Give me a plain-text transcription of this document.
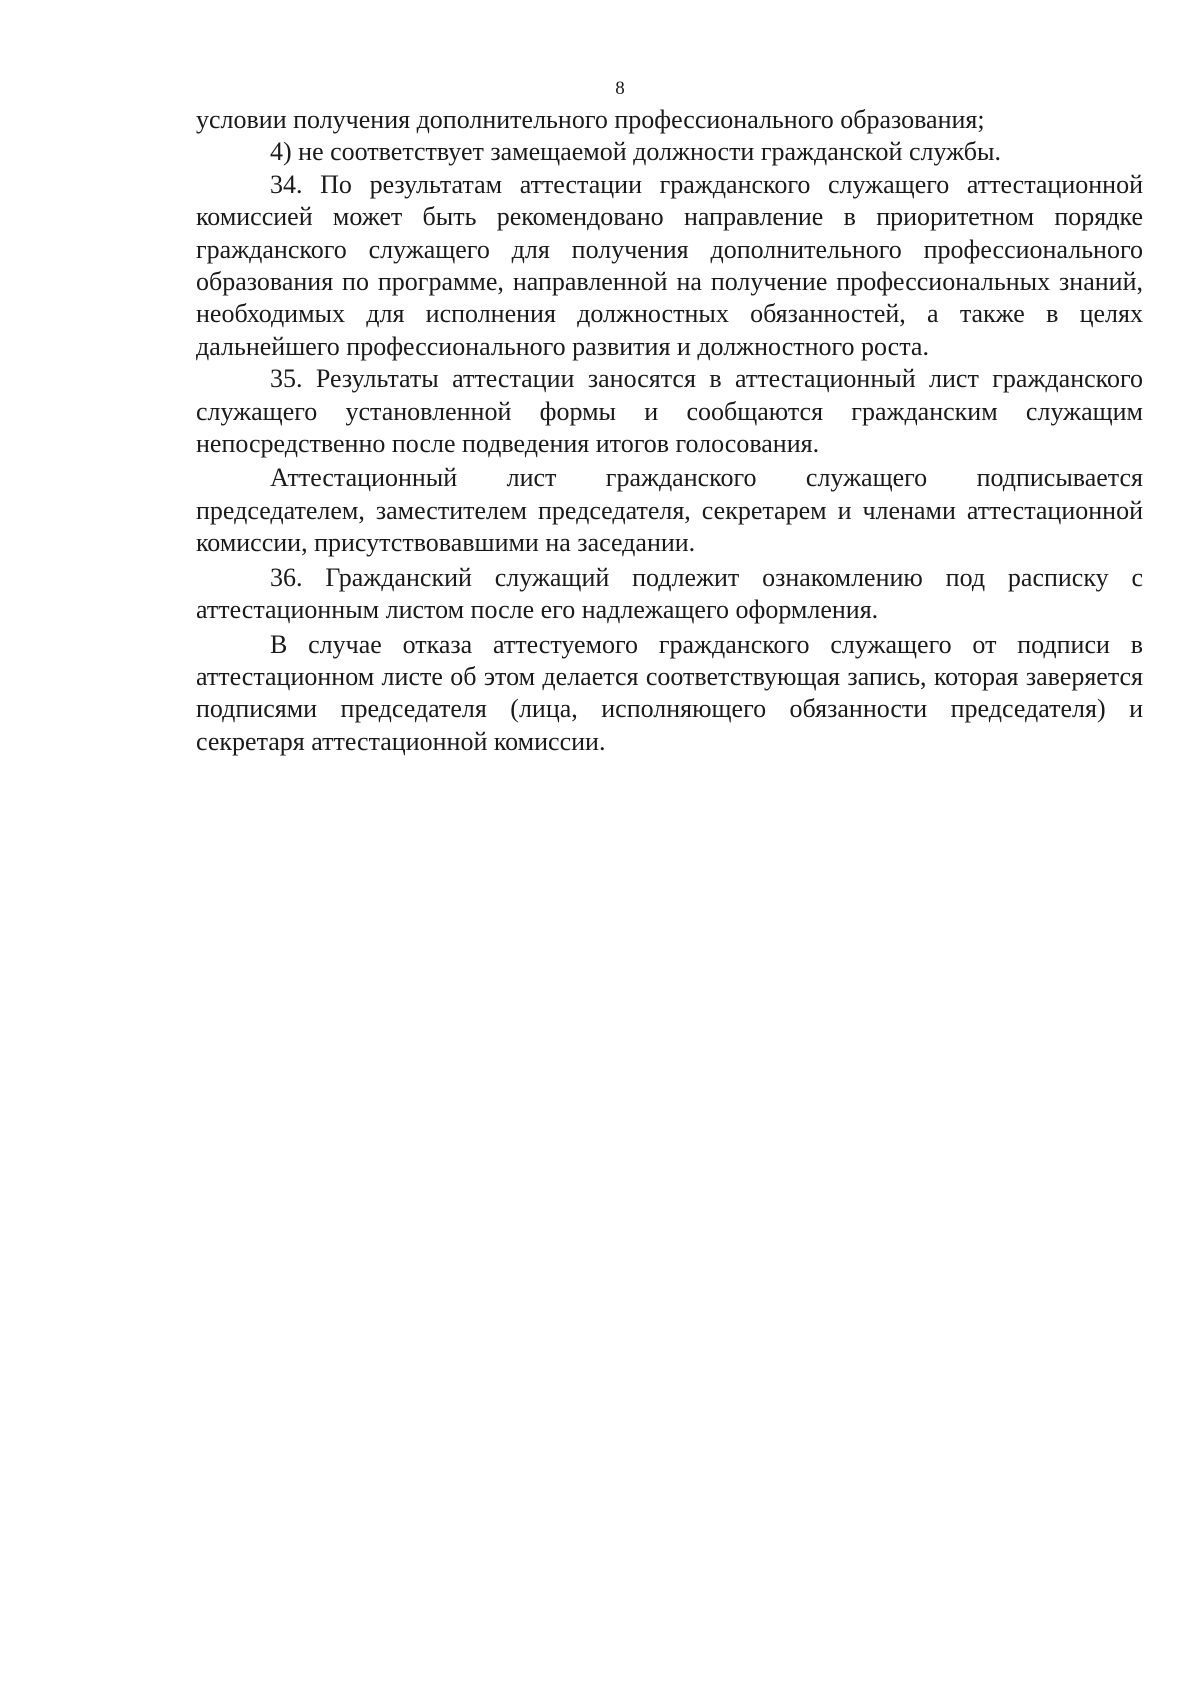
8

условии получения дополнительного профессионального образования;

4) не соответствует замещаемой должности гражданской службы.

34. По результатам аттестации гражданского служащего аттестационной комиссией может быть рекомендовано направление в приоритетном порядке гражданского служащего для получения дополнительного профессионального образования по программе, направленной на получение профессиональных знаний, необходимых для исполнения должностных обязанностей, а также в целях дальнейшего профессионального развития и должностного роста.

35. Результаты аттестации заносятся в аттестационный лист гражданского служащего установленной формы и сообщаются гражданским служащим непосредственно после подведения итогов голосования.

Аттестационный лист гражданского служащего подписывается председателем, заместителем председателя, секретарем и членами аттестационной комиссии, присутствовавшими на заседании.

36. Гражданский служащий подлежит ознакомлению под расписку с аттестационным листом после его надлежащего оформления.

В случае отказа аттестуемого гражданского служащего от подписи в аттестационном листе об этом делается соответствующая запись, которая заверяется подписями председателя (лица, исполняющего обязанности председателя) и секретаря аттестационной комиссии.
